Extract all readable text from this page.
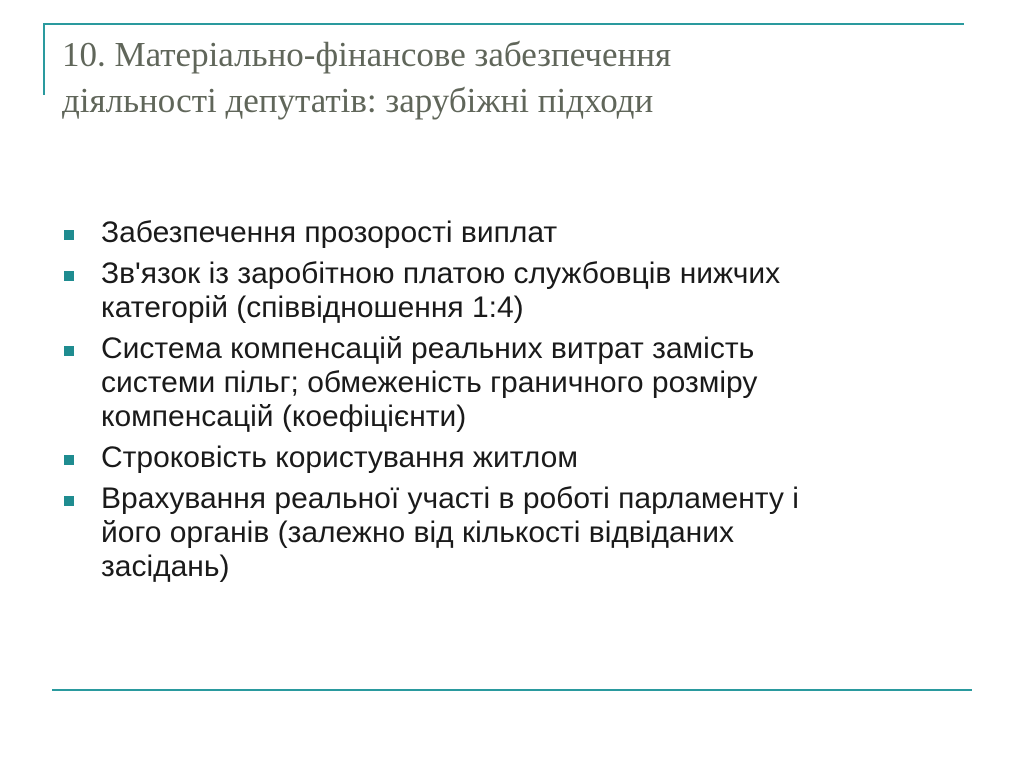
10. Матеріально-фінансове забезпечення
діяльності депутатів: зарубіжні підходи
Забезпечення прозорості виплат
Зв'язок із заробітною платою службовців нижчих
категорій (співвідношення 1:4)
Система компенсацій реальних витрат замість
системи пільг; обмеженість граничного розміру
компенсацій (коефіцієнти)
Строковість користування житлом
Врахування реальної участі в роботі парламенту і
його органів (залежно від кількості відвіданих
засідань)
